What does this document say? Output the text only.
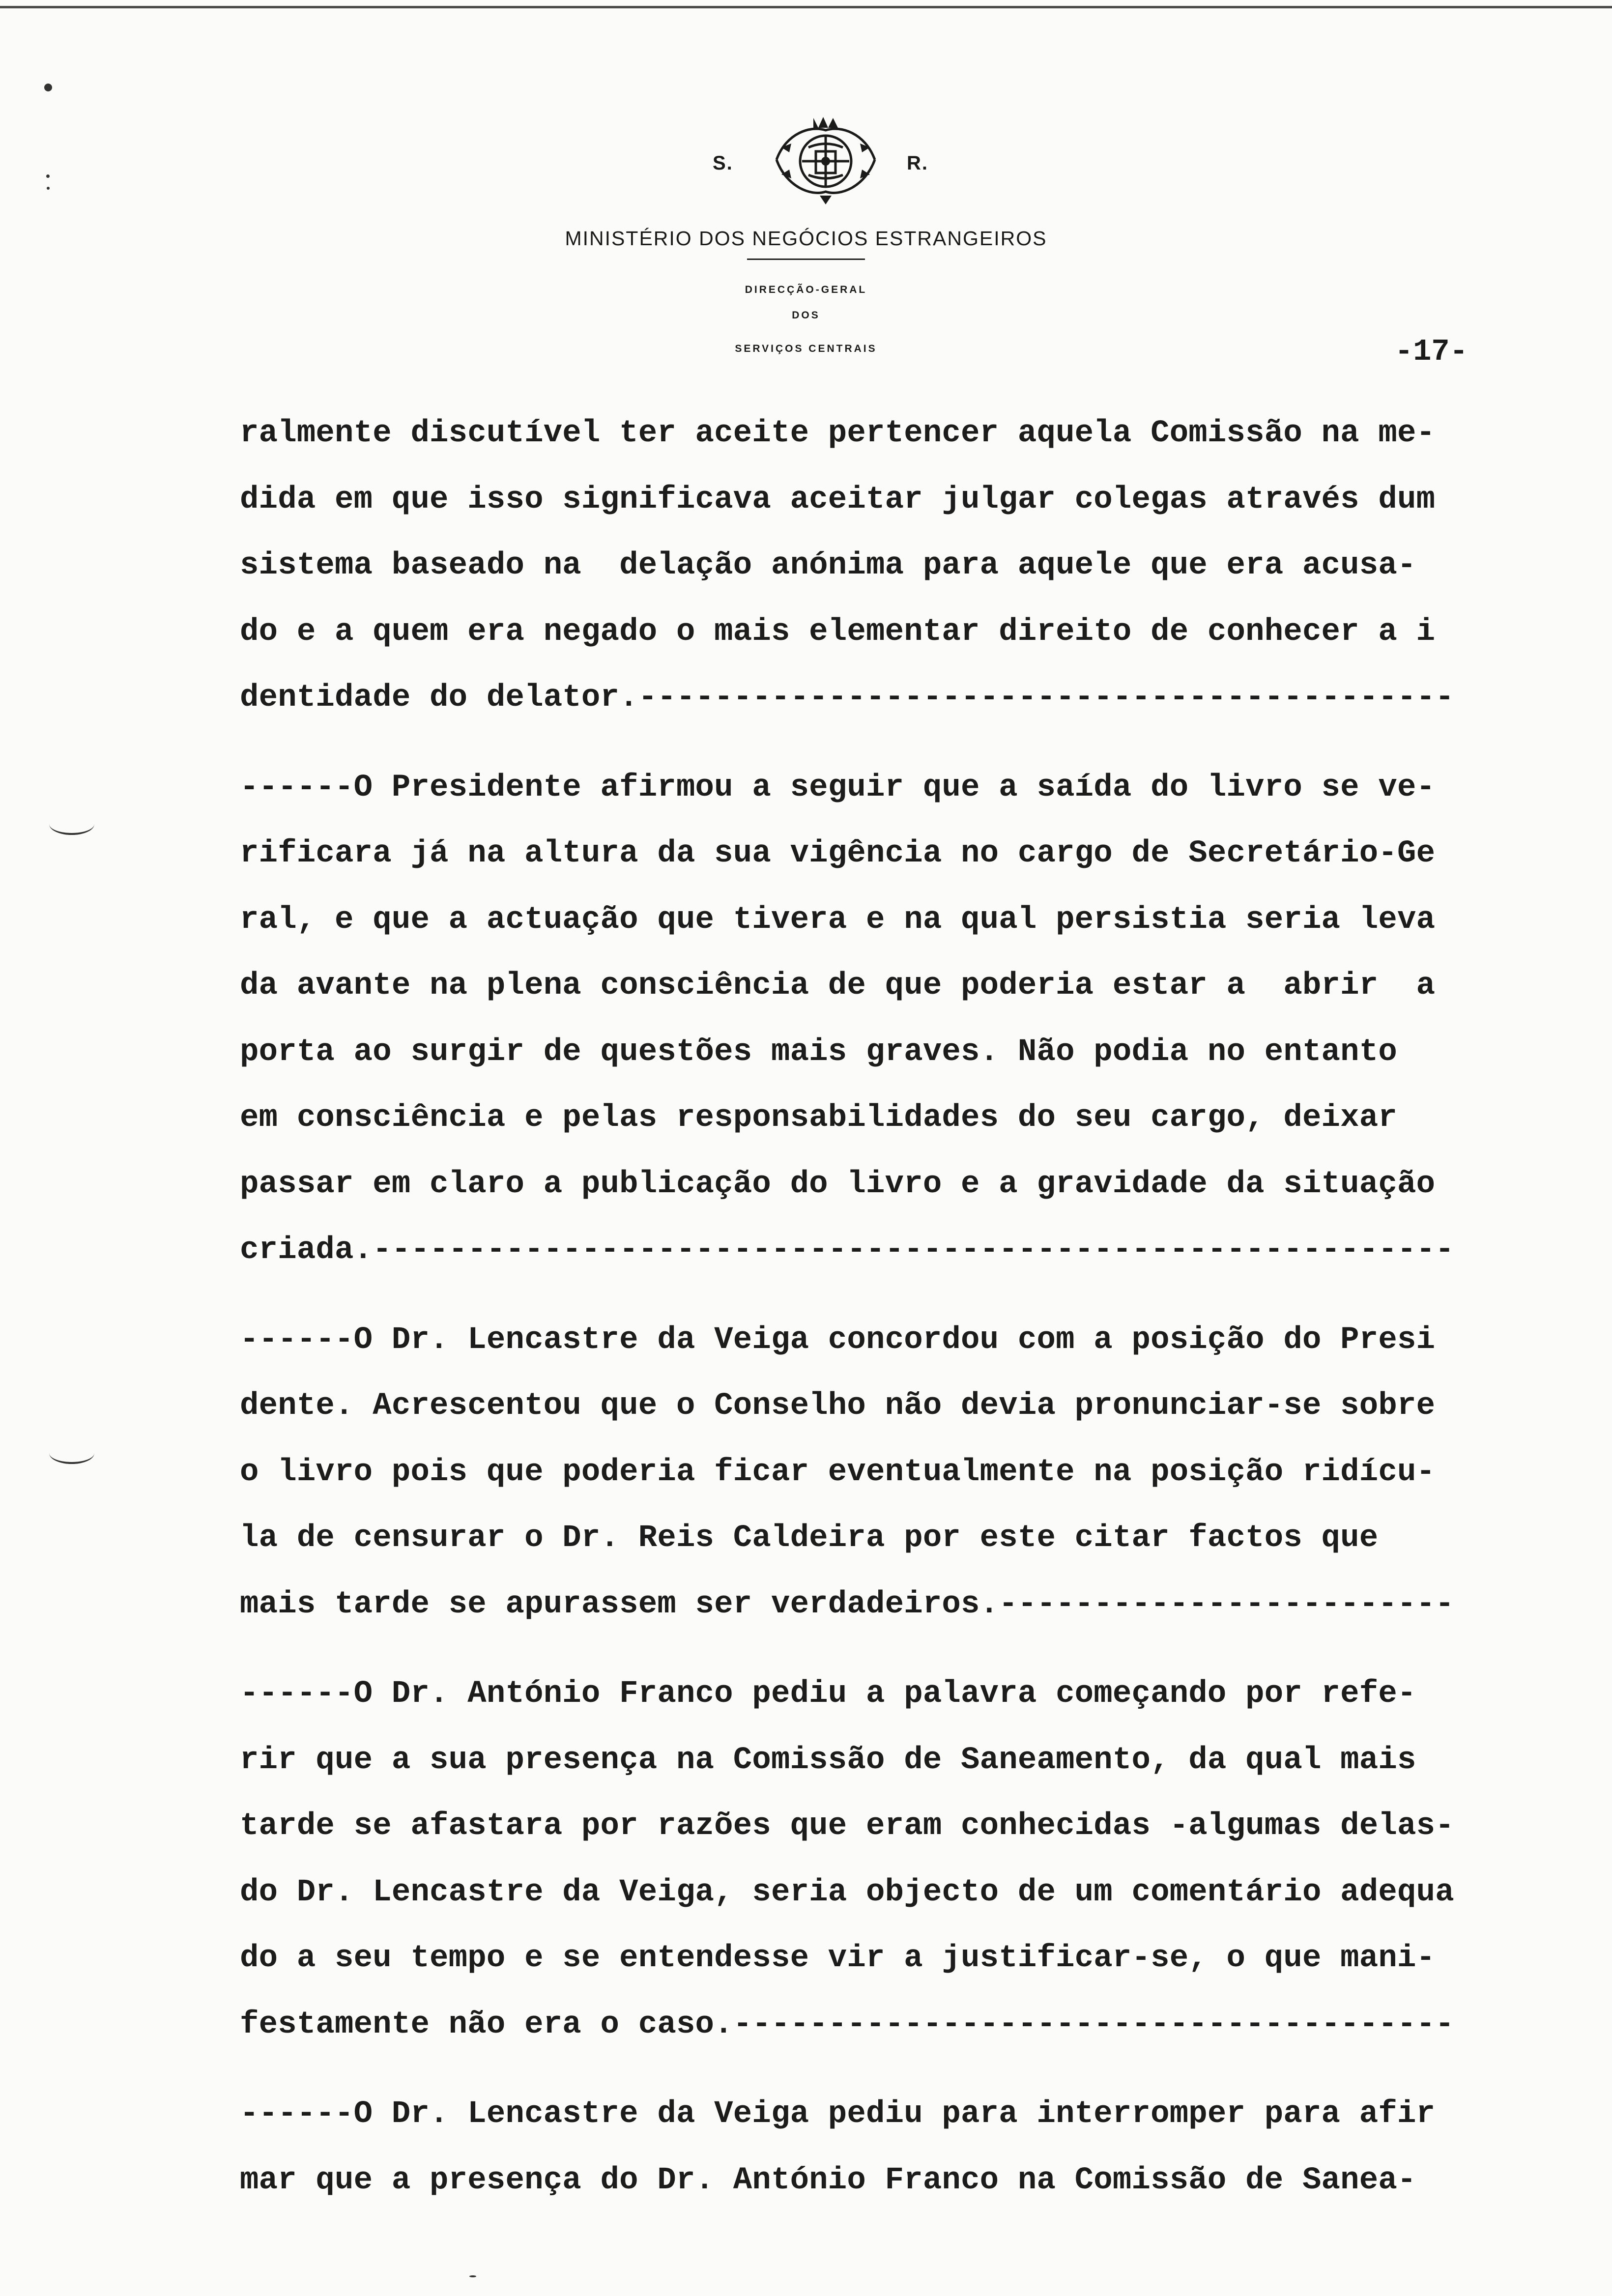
S.	R.
MINISTÉRIO DOS NEGÓCIOS ESTRANGEIROS
DIRECÇÃO-GERAL
DOS
SERVIÇOS CENTRAIS	-17-
ralmente discutível ter aceite pertencer aquela Comissão na me-
dida em que isso significava aceitar julgar colegas através dum
sistema baseado na  delação anónima para aquele que era acusa-
do e a quem era negado o mais elementar direito de conhecer a i
dentidade do delator.-------------------------------------------
------O Presidente afirmou a seguir que a saída do livro se ve-
rificara já na altura da sua vigência no cargo de Secretário-Ge
ral, e que a actuação que tivera e na qual persistia seria leva
da avante na plena consciência de que poderia estar a  abrir  a
porta ao surgir de questões mais graves. Não podia no entanto
em consciência e pelas responsabilidades do seu cargo, deixar
passar em claro a publicação do livro e a gravidade da situação
criada.---------------------------------------------------------
------O Dr. Lencastre da Veiga concordou com a posição do Presi
dente. Acrescentou que o Conselho não devia pronunciar-se sobre
o livro pois que poderia ficar eventualmente na posição ridícu-
la de censurar o Dr. Reis Caldeira por este citar factos que
mais tarde se apurassem ser verdadeiros.------------------------
------O Dr. António Franco pediu a palavra começando por refe-
rir que a sua presença na Comissão de Saneamento, da qual mais
tarde se afastara por razões que eram conhecidas -algumas delas-
do Dr. Lencastre da Veiga, seria objecto de um comentário adequa
do a seu tempo e se entendesse vir a justificar-se, o que mani-
festamente não era o caso.--------------------------------------
------O Dr. Lencastre da Veiga pediu para interromper para afir
mar que a presença do Dr. António Franco na Comissão de Sanea-
